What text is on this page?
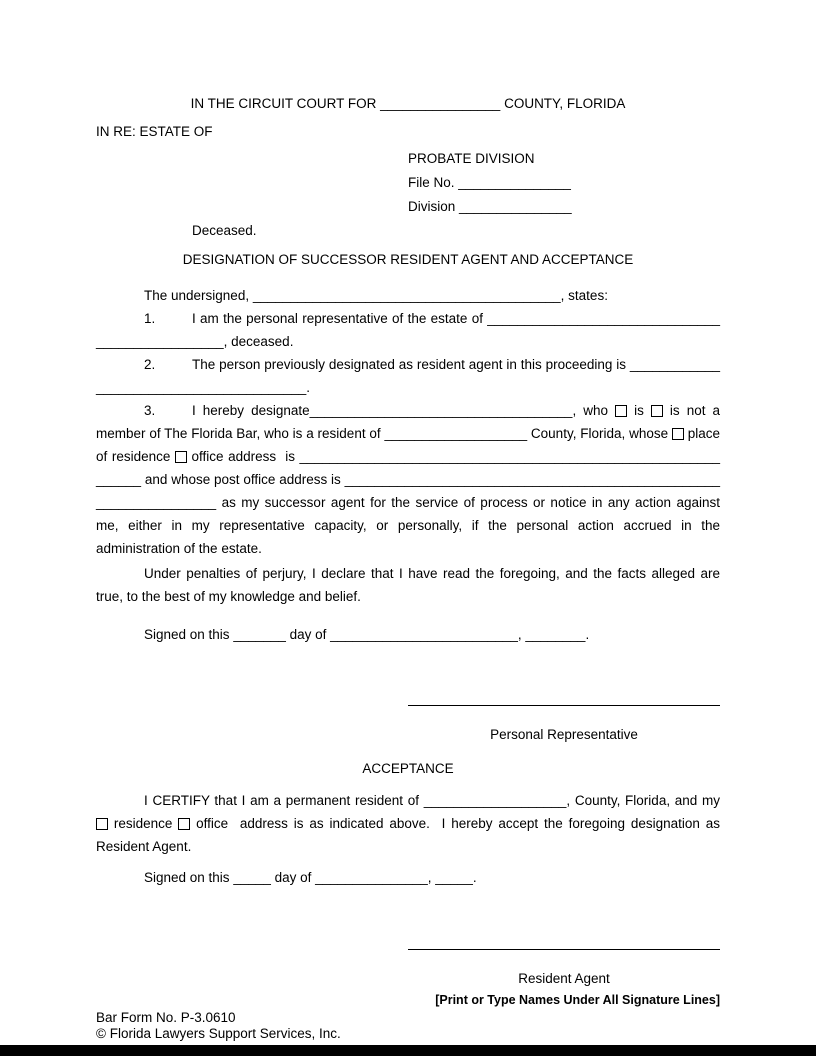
IN THE CIRCUIT COURT FOR ________________ COUNTY, FLORIDA

IN RE: ESTATE OF

PROBATE DIVISION

File No. _______________

Division _______________

Deceased.

DESIGNATION OF SUCCESSOR RESIDENT AGENT AND ACCEPTANCE

The undersigned, _________________________________________, states:

1.	I am the personal representative of the estate of ________________________________________________, deceased.

2.	The person previously designated as resident agent in this proceeding is ________________________________________.

3.	I hereby designate___________________________________, who  is  is not a member of The Florida Bar, who is a resident of ___________________ County, Florida, whose  place of residence  office address  is ______________________________________________________________ and whose post office address is __________________________________________________________________ as my successor agent for the service of process or notice in any action against me, either in my representative capacity, or personally, if the personal action accrued in the administration of the estate.

Under penalties of perjury, I declare that I have read the foregoing, and the facts alleged are true, to the best of my knowledge and belief.

Signed on this _______ day of _________________________, ________.

Personal Representative

ACCEPTANCE

I CERTIFY that I am a permanent resident of ___________________, County, Florida, and my  residence  office  address is as indicated above.  I hereby accept the foregoing designation as Resident Agent.

Signed on this _____ day of _______________, _____.

Resident Agent

[Print or Type Names Under All Signature Lines]

Bar Form No. P-3.0610

© Florida Lawyers Support Services, Inc.
